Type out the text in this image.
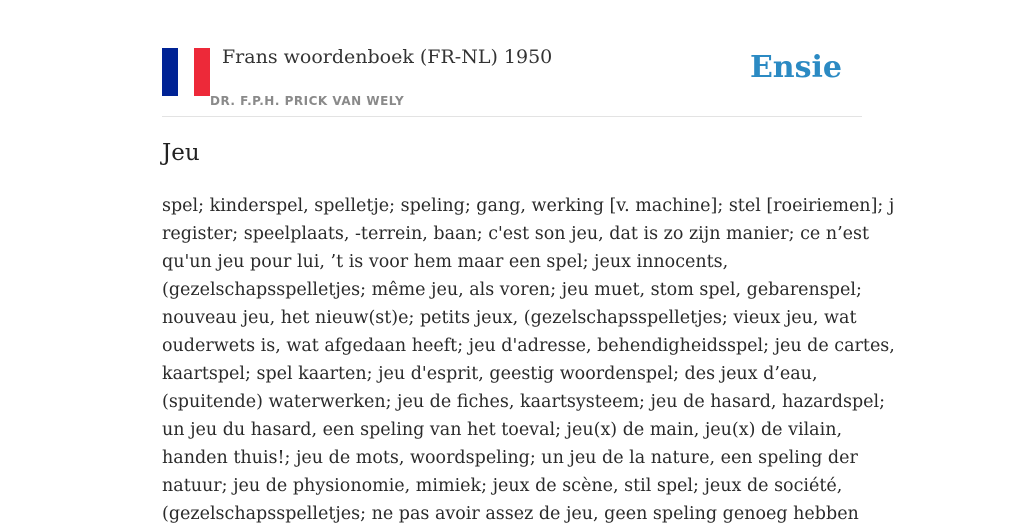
Frans woordenboek (FR-NL) 1950
DR. F.P.H. PRICK VAN WELY
Ensie
Jeu

spel; kinderspel, spelletje; speling; gang, werking [v. machine]; stel [roeiriemen]; j
register; speelplaats, -terrein, baan; c'est son jeu, dat is zo zijn manier; ce n’est
qu'un jeu pour lui, ’t is voor hem maar een spel; jeux innocents,
(gezelschapsspelletjes; même jeu, als voren; jeu muet, stom spel, gebarenspel;
nouveau jeu, het nieuw(st)e; petits jeux, (gezelschapsspelletjes; vieux jeu, wat
ouderwets is, wat afgedaan heeft; jeu d'adresse, behendigheidsspel; jeu de cartes,
kaartspel; spel kaarten; jeu d'esprit, geestig woordenspel; des jeux d’eau,
(spuitende) waterwerken; jeu de fiches, kaartsysteem; jeu de hasard, hazardspel;
un jeu du hasard, een speling van het toeval; jeu(x) de main, jeu(x) de vilain,
handen thuis!; jeu de mots, woordspeling; un jeu de la nature, een speling der
natuur; jeu de physionomie, mimiek; jeux de scène, stil spel; jeux de société,
(gezelschapsspelletjes; ne pas avoir assez de jeu, geen speling genoeg hebben
